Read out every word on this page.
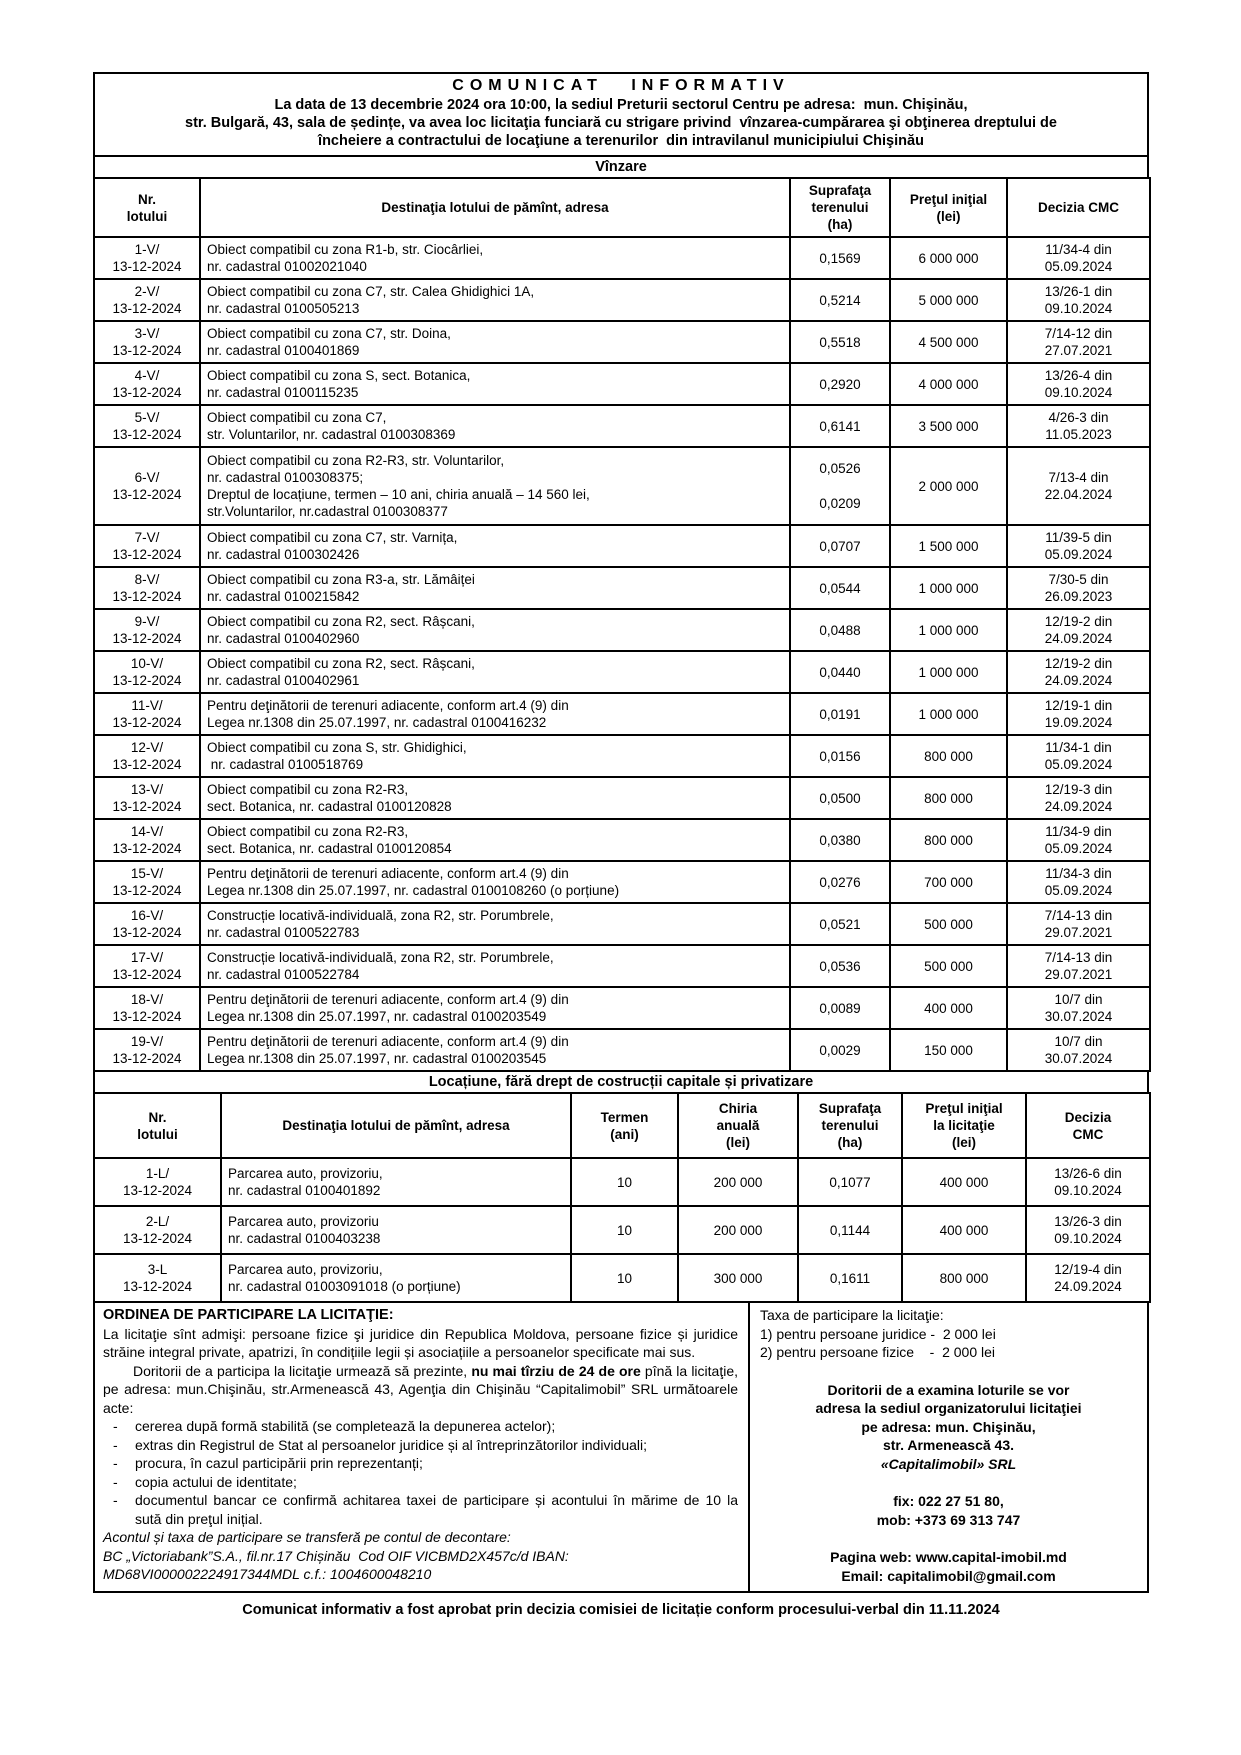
COMUNICAT INFORMATIV
La data de 13 decembrie 2024 ora 10:00, la sediul Preturii sectorul Centru pe adresa:  mun. Chişinău,
str. Bulgară, 43, sala de ședințe, va avea loc licitaţia funciară cu strigare privind  vînzarea-cumpărarea şi obţinerea dreptului de
încheiere a contractului de locaţiune a terenurilor  din intravilanul municipiului Chişinău
Vînzare
Nr.
lotului

Destinaţia lotului de pămînt, adresa

Suprafaţa
terenului
(ha)

Preţul iniţial
(lei)

Decizia CMC

1-V/
13-12-2024

Obiect compatibil cu zona R1-b, str. Ciocârliei,
nr. cadastral 01002021040

0,1569	6 000 000

11/34-4 din
05.09.2024

2-V/
13-12-2024

Obiect compatibil cu zona C7, str. Calea Ghidighici 1A,
nr. cadastral 0100505213

0,5214	5 000 000

13/26-1 din
09.10.2024

3-V/
13-12-2024

Obiect compatibil cu zona C7, str. Doina,
nr. cadastral 0100401869

0,5518	4 500 000

7/14-12 din
27.07.2021

4-V/
13-12-2024

Obiect compatibil cu zona S, sect. Botanica,
nr. cadastral 0100115235

0,2920	4 000 000

13/26-4 din
09.10.2024

5-V/
13-12-2024

Obiect compatibil cu zona C7,
str. Voluntarilor, nr. cadastral 0100308369

0,6141	3 500 000

4/26-3 din
11.05.2023

6-V/
13-12-2024

Obiect compatibil cu zona R2-R3, str. Voluntarilor,
nr. cadastral 0100308375;
Dreptul de locațiune, termen – 10 ani, chiria anuală – 14 560 lei,
str.Voluntarilor, nr.cadastral 0100308377

0,0526
0,0209

2 000 000

7/13-4 din
22.04.2024

7-V/
13-12-2024

Obiect compatibil cu zona C7, str. Varnița,
nr. cadastral 0100302426

0,0707	1 500 000

11/39-5 din
05.09.2024

8-V/
13-12-2024

Obiect compatibil cu zona R3-a, str. Lămâiței
nr. cadastral 0100215842

0,0544	1 000 000

7/30-5 din
26.09.2023

9-V/
13-12-2024

Obiect compatibil cu zona R2, sect. Râșcani,
nr. cadastral 0100402960

0,0488	1 000 000

12/19-2 din
24.09.2024

10-V/
13-12-2024

Obiect compatibil cu zona R2, sect. Râșcani,
nr. cadastral 0100402961

0,0440	1 000 000

12/19-2 din
24.09.2024

11-V/
13-12-2024

Pentru deţinătorii de terenuri adiacente, conform art.4 (9) din
Legea nr.1308 din 25.07.1997, nr. cadastral 0100416232

0,0191	1 000 000

12/19-1 din
19.09.2024

12-V/
13-12-2024

Obiect compatibil cu zona S, str. Ghidighici,
nr. cadastral 0100518769

0,0156	800 000

11/34-1 din
05.09.2024

13-V/
13-12-2024

Obiect compatibil cu zona R2-R3,
sect. Botanica, nr. cadastral 0100120828

0,0500	800 000

12/19-3 din
24.09.2024

14-V/
13-12-2024

Obiect compatibil cu zona R2-R3,
sect. Botanica, nr. cadastral 0100120854

0,0380	800 000

11/34-9 din
05.09.2024

15-V/
13-12-2024

Pentru deţinătorii de terenuri adiacente, conform art.4 (9) din
Legea nr.1308 din 25.07.1997, nr. cadastral 0100108260 (o porțiune)

0,0276	700 000

11/34-3 din
05.09.2024

16-V/
13-12-2024

Construcție locativă-individuală, zona R2, str. Porumbrele,
nr. cadastral 0100522783

0,0521	500 000

7/14-13 din
29.07.2021

17-V/
13-12-2024

Construcție locativă-individuală, zona R2, str. Porumbrele,
nr. cadastral 0100522784

0,0536	500 000

7/14-13 din
29.07.2021

18-V/
13-12-2024

Pentru deţinătorii de terenuri adiacente, conform art.4 (9) din
Legea nr.1308 din 25.07.1997, nr. cadastral 0100203549

0,0089	400 000

10/7 din
30.07.2024

19-V/
13-12-2024

Pentru deţinătorii de terenuri adiacente, conform art.4 (9) din
Legea nr.1308 din 25.07.1997, nr. cadastral 0100203545

0,0029	150 000

10/7 din
30.07.2024
Locațiune, fără drept de costrucții capitale și privatizare
Nr.
lotului

Destinaţia lotului de pămînt, adresa

Termen
(ani)

Chiria
anuală
(lei)

Suprafaţa
terenului
(ha)

Preţul iniţial
la licitaţie
(lei)

Decizia
CMC

1-L/
13-12-2024

Parcarea auto, provizoriu,
nr. cadastral 0100401892

10	200 000	0,1077	400 000

13/26-6 din
09.10.2024

2-L/
13-12-2024

Parcarea auto, provizoriu
nr. cadastral 0100403238

10	200 000	0,1144	400 000

13/26-3 din
09.10.2024

3-L
13-12-2024

Parcarea auto, provizoriu,
nr. cadastral 01003091018 (o porțiune)

10	300 000	0,1611	800 000

12/19-4 din
24.09.2024
ORDINEA DE PARTICIPARE LA LICITAŢIE:

La licitaţie sînt admişi: persoane fizice şi juridice din Republica Moldova, persoane fizice și juridice străine integral private, apatrizi, în condițiile legii și asociațiile a persoanelor specificate mai sus.

Doritorii de a participa la licitaţie urmează să prezinte, nu mai tîrziu de 24 de ore pînă la licitaţie, pe adresa: mun.Chişinău, str.Armenească 43, Agenţia din Chişinău “Capitalimobil” SRL următoarele acte:

-	cererea după formă stabilită (se completează la depunerea actelor);
-	extras din Registrul de Stat al persoanelor juridice și al întreprinzătorilor individuali;
-	procura, în cazul participării prin reprezentanți;
-	copia actului de identitate;
-	documentul bancar ce confirmă achitarea taxei de participare și acontului în mărime de 10 la sută din preţul inițial.
Acontul și taxa de participare se transferă pe contul de decontare:
BC „Victoriabank”S.A., fil.nr.17 Chișinău  Cod OIF VICBMD2X457c/d IBAN:
MD68VI000002224917344MDL c.f.: 1004600048210
Taxa de participare la licitaţie:
1) pentru persoane juridice -  2 000 lei
2) pentru persoane fizice    -  2 000 lei
Doritorii de a examina loturile se vor
adresa la sediul organizatorului licitaţiei
pe adresa: mun. Chişinău,
str. Armenească 43.
«Capitalimobil» SRL
fix: 022 27 51 80,
mob: +373 69 313 747
Pagina web: www.capital-imobil.md
Email: capitalimobil@gmail.com
Comunicat informativ a fost aprobat prin decizia comisiei de licitație conform procesului-verbal din 11.11.2024
